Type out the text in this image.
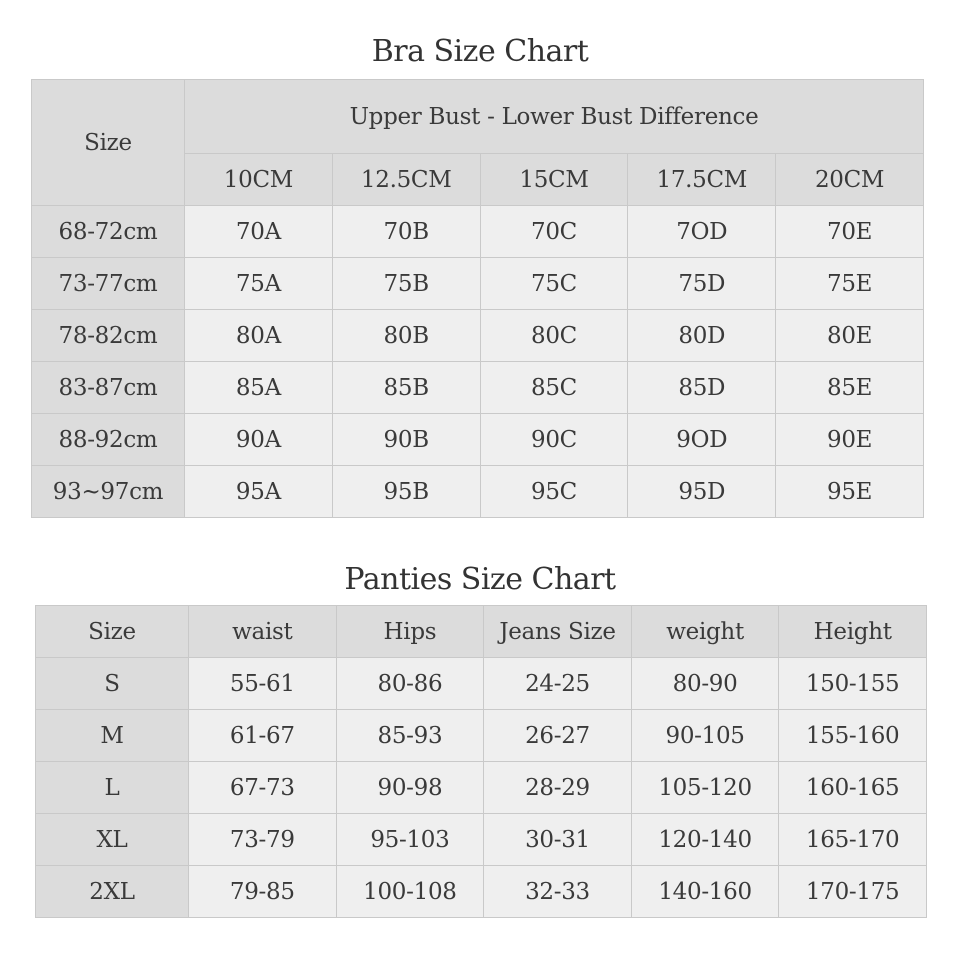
Bra Size Chart
Size	Upper Bust - Lower Bust Difference				
	10CM	12.5CM	15CM	17.5CM	20CM
68-72cm	70A	70B	70C	7OD	70E
73-77cm	75A	75B	75C	75D	75E
78-82cm	80A	80B	80C	80D	80E
83-87cm	85A	85B	85C	85D	85E
88-92cm	90A	90B	90C	9OD	90E
93~97cm	95A	95B	95C	95D	95E
Panties Size Chart
Size	waist	Hips	Jeans Size	weight	Height
S	55-61	80-86	24-25	80-90	150-155
M	61-67	85-93	26-27	90-105	155-160
L	67-73	90-98	28-29	105-120	160-165
XL	73-79	95-103	30-31	120-140	165-170
2XL	79-85	100-108	32-33	140-160	170-175
